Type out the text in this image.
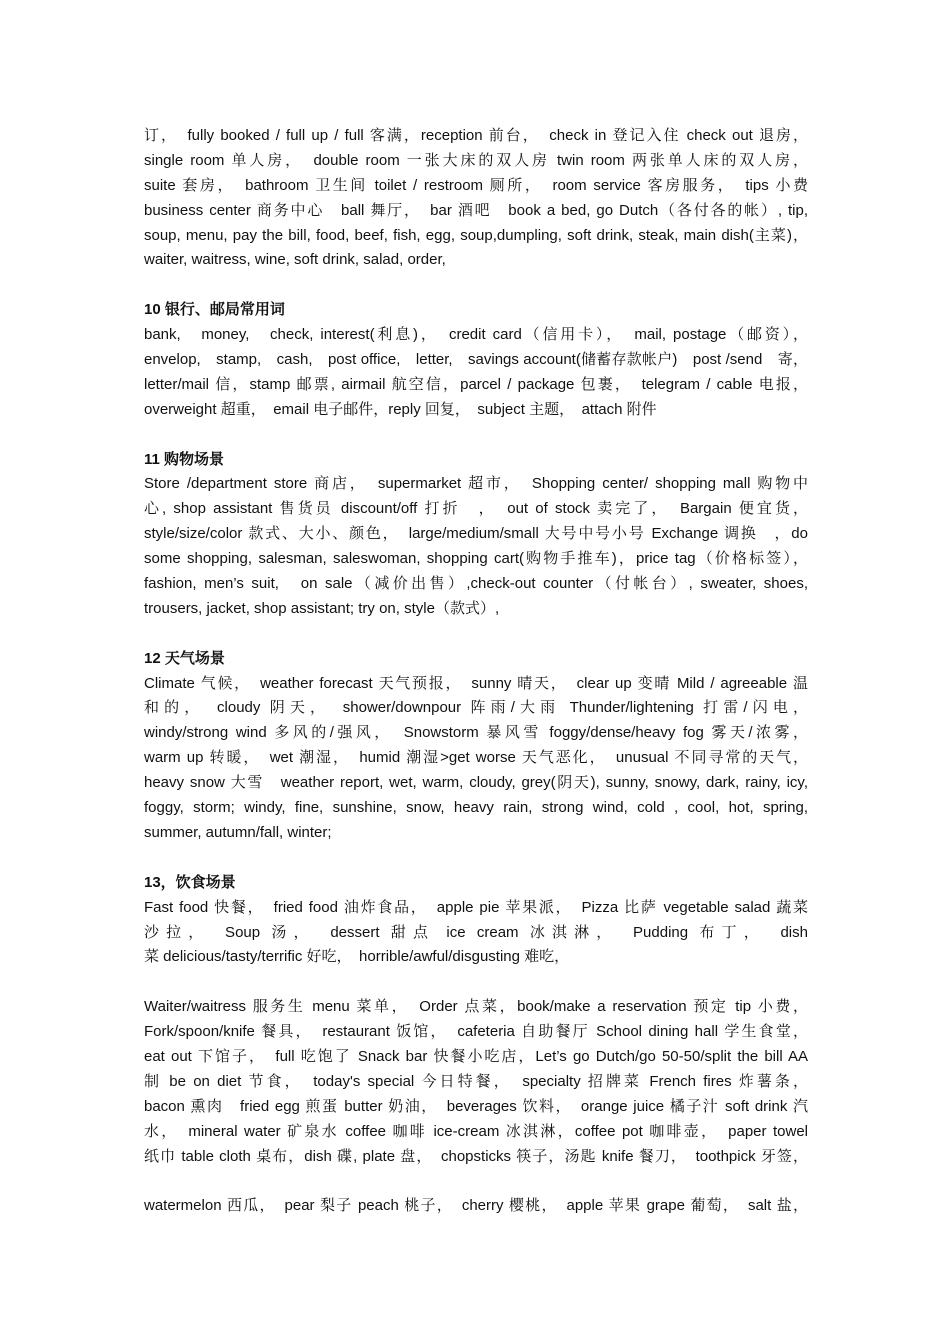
订，　fully booked / full up / full 客满，reception 前台，　check in 登记入住 check out 退房，
single room 单人房，　double room 一张大床的双人房 twin room 两张单人床的双人房，
suite 套房，　bathroom 卫生间 toilet / restroom 厕所，　room service 客房服务，　tips 小费
business center 商务中心　ball 舞厅，　bar 酒吧　book a bed, go Dutch（各付各的帐）, tip,
soup, menu, pay the bill, food, beef, fish, egg, soup,dumpling, soft drink, steak, main dish(主菜)，
waiter, waitress, wine, soft drink, salad, order,
10 银行、邮局常用词
bank,　money,　check, interest(利息)，　credit card（信用卡），　mail, postage（邮资），
envelop,　stamp,　cash,　post office,　letter,　savings account(储蓄存款帐户)　post /send　寄，
letter/mail 信，stamp 邮票, airmail 航空信，parcel / package 包裹，　telegram / cable 电报，
overweight 超重，　email 电子邮件，reply 回复，　subject 主题，　attach 附件
11 购物场景
Store /department store 商店，　supermarket 超市，　Shopping center/ shopping mall 购物中
心, shop assistant 售货员 discount/off 打折　，　out of stock 卖完了，　Bargain 便宜货，
style/size/color 款式、大小、颜色，　large/medium/small 大号中号小号 Exchange 调换　，do
some shopping, salesman, saleswoman, shopping cart(购物手推车)，price tag（价格标签），
fashion, men’s suit,　on sale（减价出售）,check-out counter（付帐台）, sweater, shoes,
trousers, jacket, shop assistant; try on, style（款式）,
12 天气场景
Climate 气候，　weather forecast 天气预报，　sunny 晴天，　clear up 变晴 Mild / agreeable 温
和的，　cloudy 阴天，　shower/downpour 阵雨/大雨 Thunder/lightening 打雷/闪电，
windy/strong wind 多风的/强风，　Snowstorm 暴风雪 foggy/dense/heavy fog 雾天/浓雾，
warm up 转暖，　wet 潮湿，　humid 潮湿>get worse 天气恶化，　unusual 不同寻常的天气，
heavy snow 大雪　weather report, wet, warm, cloudy, grey(阴天), sunny, snowy, dark, rainy, icy,
foggy, storm; windy, fine, sunshine, snow, heavy rain, strong wind, cold , cool, hot, spring,
summer, autumn/fall, winter;
13，饮食场景
Fast food 快餐，　fried food 油炸食品，　apple pie 苹果派，　Pizza 比萨 vegetable salad 蔬菜
沙拉，　Soup 汤，　dessert 甜点 ice cream 冰淇淋，　Pudding 布丁，　dish
菜 delicious/tasty/terrific 好吃，　horrible/awful/disgusting 难吃，
Waiter/waitress 服务生 menu 菜单，　Order 点菜，book/make a reservation 预定 tip 小费，
Fork/spoon/knife 餐具，　restaurant 饭馆，　cafeteria 自助餐厅 School dining hall 学生食堂，
eat out 下馆子，　full 吃饱了 Snack bar 快餐小吃店，Let’s go Dutch/go 50-50/split the bill AA
制 be on diet 节食，　today's special 今日特餐，　specialty 招牌菜 French fires 炸薯条，
bacon 熏肉　fried egg 煎蛋 butter 奶油，　beverages 饮料，　orange juice 橘子汁 soft drink 汽
水，　mineral water 矿泉水 coffee 咖啡 ice-cream 冰淇淋，coffee pot 咖啡壶，　paper towel
纸巾 table cloth 桌布，dish 碟, plate 盘，　chopsticks 筷子，汤匙 knife 餐刀，　toothpick 牙签，
watermelon 西瓜，　pear 梨子 peach 桃子，　cherry 樱桃，　apple 苹果 grape 葡萄，　salt 盐，
